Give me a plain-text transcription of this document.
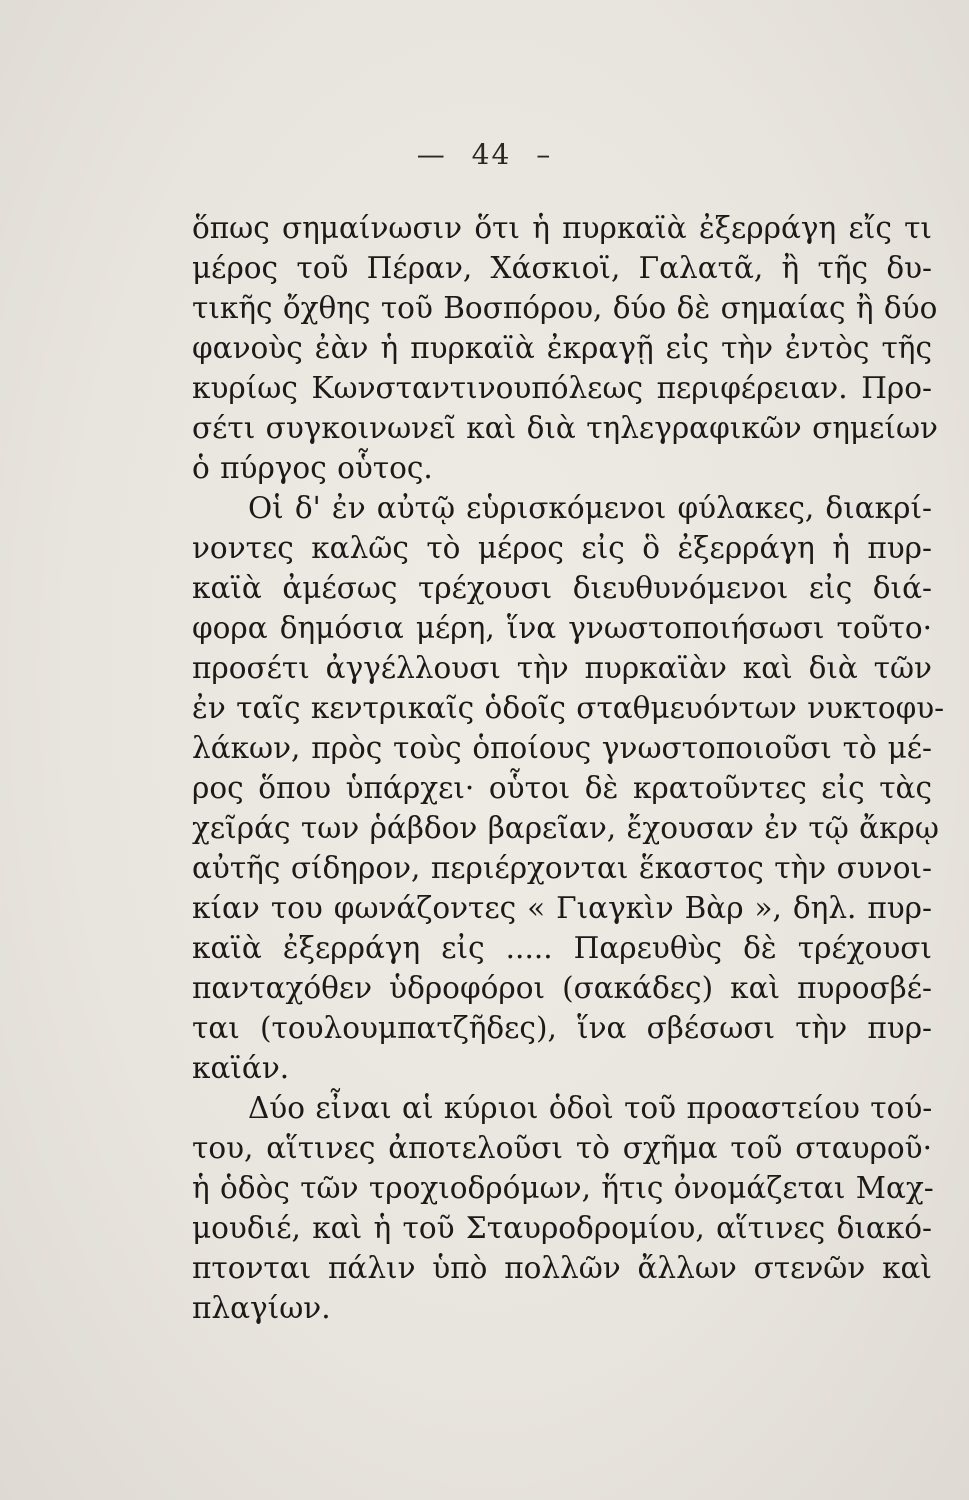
— 44 –

ὅπως σημαίνωσιν ὅτι ἡ πυρκαϊὰ ἐξερράγη εἴς τι
μέρος τοῦ Πέραν, Χάσκιοϊ, Γαλατᾶ, ἢ τῆς δυ-
τικῆς ὄχθης τοῦ Βοσπόρου, δύο δὲ σημαίας ἢ δύο
φανοὺς ἐὰν ἡ πυρκαϊὰ ἐκραγῇ εἰς τὴν ἐντὸς τῆς
κυρίως Κωνσταντινουπόλεως περιφέρειαν. Προ-
σέτι συγκοινωνεῖ καὶ διὰ τηλεγραφικῶν σημείων
ὁ πύργος οὗτος.

Οἱ δ' ἐν αὐτῷ εὑρισκόμενοι φύλακες, διακρί-
νοντες καλῶς τὸ μέρος εἰς ὃ ἐξερράγη ἡ πυρ-
καϊὰ ἀμέσως τρέχουσι διευθυνόμενοι εἰς διά-
φορα δημόσια μέρη, ἵνα γνωστοποιήσωσι τοῦτο·
προσέτι ἀγγέλλουσι τὴν πυρκαϊὰν καὶ διὰ τῶν
ἐν ταῖς κεντρικαῖς ὁδοῖς σταθμευόντων νυκτοφυ-
λάκων, πρὸς τοὺς ὁποίους γνωστοποιοῦσι τὸ μέ-
ρος ὅπου ὑπάρχει· οὗτοι δὲ κρατοῦντες εἰς τὰς
χεῖράς των ῥάβδον βαρεῖαν, ἔχουσαν ἐν τῷ ἄκρῳ
αὐτῆς σίδηρον, περιέρχονται ἕκαστος τὴν συνοι-
κίαν του φωνάζοντες « Γιαγκὶν Βὰρ », δηλ. πυρ-
καϊὰ ἐξερράγη εἰς ..... Παρευθὺς δὲ τρέχουσι
πανταχόθεν ὑδροφόροι (σακάδες) καὶ πυροσβέ-
ται (τουλουμπατζῆδες), ἵνα σβέσωσι τὴν πυρ-
καϊάν.

Δύο εἶναι αἱ κύριοι ὁδοὶ τοῦ προαστείου τού-
του, αἵτινες ἀποτελοῦσι τὸ σχῆμα τοῦ σταυροῦ·
ἡ ὁδὸς τῶν τροχιοδρόμων, ἥτις ὀνομάζεται Μαχ-
μουδιέ, καὶ ἡ τοῦ Σταυροδρομίου, αἵτινες διακό-
πτονται πάλιν ὑπὸ πολλῶν ἄλλων στενῶν καὶ
πλαγίων.
